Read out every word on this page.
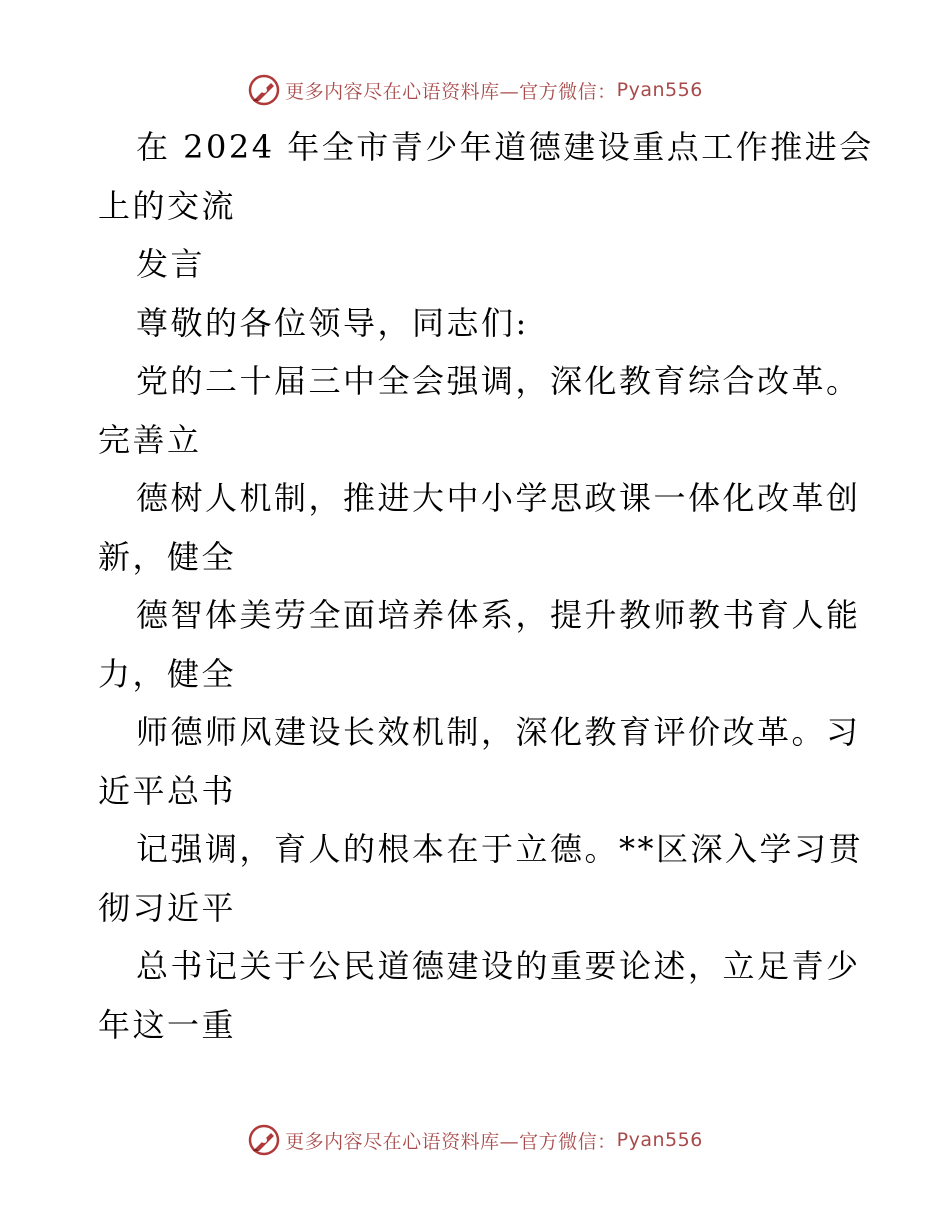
更多内容尽在心语资料库—官方微信： Pyan556
在 2024 年全市青少年道德建设重点工作推进会
上的交流
发言
尊敬的各位领导，同志们:
党的二十届三中全会强调，深化教育综合改革。
完善立
德树人机制，推进大中小学思政课一体化改革创
新，健全
德智体美劳全面培养体系，提升教师教书育人能
力，健全
师德师风建设长效机制，深化教育评价改革。习
近平总书
记强调，育人的根本在于立德。**区深入学习贯
彻习近平
总书记关于公民道德建设的重要论述，立足青少
年这一重
更多内容尽在心语资料库—官方微信： Pyan556
